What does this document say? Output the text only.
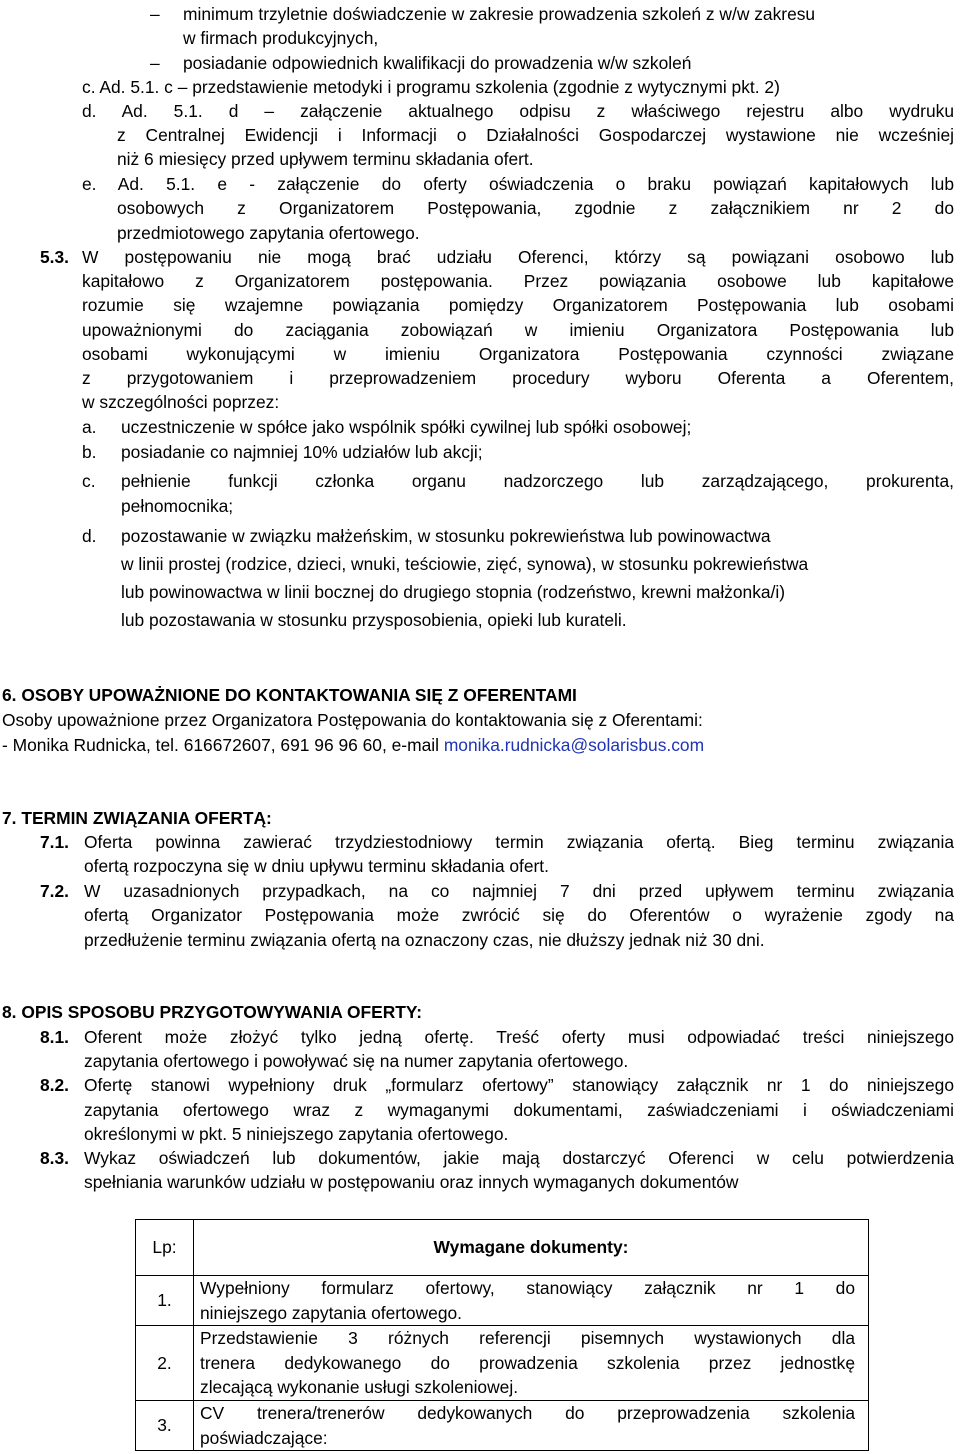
– minimum trzyletnie doświadczenie w zakresie prowadzenia szkoleń z w/w zakresu
w firmach produkcyjnych,
– posiadanie odpowiednich kwalifikacji do prowadzenia w/w szkoleń
c. Ad. 5.1. c – przedstawienie metodyki i programu szkolenia (zgodnie z wytycznymi pkt. 2)
d. Ad. 5.1. d – załączenie aktualnego odpisu z właściwego rejestru albo wydruku
z Centralnej Ewidencji i Informacji o Działalności Gospodarczej wystawione nie wcześniej
niż 6 miesięcy przed upływem terminu składania ofert.
e. Ad. 5.1. e - załączenie do oferty oświadczenia o braku powiązań kapitałowych lub
osobowych z Organizatorem Postępowania, zgodnie z załącznikiem nr 2 do
przedmiotowego zapytania ofertowego.
5.3. W postępowaniu nie mogą brać udziału Oferenci, którzy są powiązani osobowo lub
kapitałowo z Organizatorem postępowania. Przez powiązania osobowe lub kapitałowe
rozumie się wzajemne powiązania pomiędzy Organizatorem Postępowania lub osobami
upoważnionymi do zaciągania zobowiązań w imieniu Organizatora Postępowania lub
osobami wykonującymi w imieniu Organizatora Postępowania czynności związane
z przygotowaniem i przeprowadzeniem procedury wyboru Oferenta a Oferentem,
w szczególności poprzez:
a. uczestniczenie w spółce jako wspólnik spółki cywilnej lub spółki osobowej;
b. posiadanie co najmniej 10% udziałów lub akcji;
c. pełnienie funkcji członka organu nadzorczego lub zarządzającego, prokurenta,
pełnomocnika;
d. pozostawanie w związku małżeńskim, w stosunku pokrewieństwa lub powinowactwa
w linii prostej (rodzice, dzieci, wnuki, teściowie, zięć, synowa), w stosunku pokrewieństwa
lub powinowactwa w linii bocznej do drugiego stopnia (rodzeństwo, krewni małżonka/i)
lub pozostawania w stosunku przysposobienia, opieki lub kurateli.
6. OSOBY UPOWAŻNIONE DO KONTAKTOWANIA SIĘ Z OFERENTAMI
Osoby upoważnione przez Organizatora Postępowania do kontaktowania się z Oferentami:
- Monika Rudnicka, tel. 616672607, 691 96 96 60, e-mail monika.rudnicka@solarisbus.com
7. TERMIN ZWIĄZANIA OFERTĄ:
7.1. Oferta powinna zawierać trzydziestodniowy termin związania ofertą. Bieg terminu związania
ofertą rozpoczyna się w dniu upływu terminu składania ofert.
7.2. W uzasadnionych przypadkach, na co najmniej 7 dni przed upływem terminu związania
ofertą Organizator Postępowania może zwrócić się do Oferentów o wyrażenie zgody na
przedłużenie terminu związania ofertą na oznaczony czas, nie dłuższy jednak niż 30 dni.
8. OPIS SPOSOBU PRZYGOTOWYWANIA OFERTY:
8.1. Oferent może złożyć tylko jedną ofertę. Treść oferty musi odpowiadać treści niniejszego
zapytania ofertowego i powoływać się na numer zapytania ofertowego.
8.2. Ofertę stanowi wypełniony druk „formularz ofertowy” stanowiący załącznik nr 1 do niniejszego
zapytania ofertowego wraz z wymaganymi dokumentami, zaświadczeniami i oświadczeniami
określonymi w pkt. 5 niniejszego zapytania ofertowego.
8.3. Wykaz oświadczeń lub dokumentów, jakie mają dostarczyć Oferenci w celu potwierdzenia
spełniania warunków udziału w postępowaniu oraz innych wymaganych dokumentów
Lp:	Wymagane dokumenty:
1.	Wypełniony formularz ofertowy, stanowiący załącznik nr 1 do
niniejszego zapytania ofertowego.

2.	Przedstawienie 3 różnych referencji pisemnych wystawionych dla
trenera dedykowanego do prowadzenia szkolenia przez jednostkę
zlecającą wykonanie usługi szkoleniowej.

3.	CV trenera/trenerów dedykowanych do przeprowadzenia szkolenia
poświadczające:
